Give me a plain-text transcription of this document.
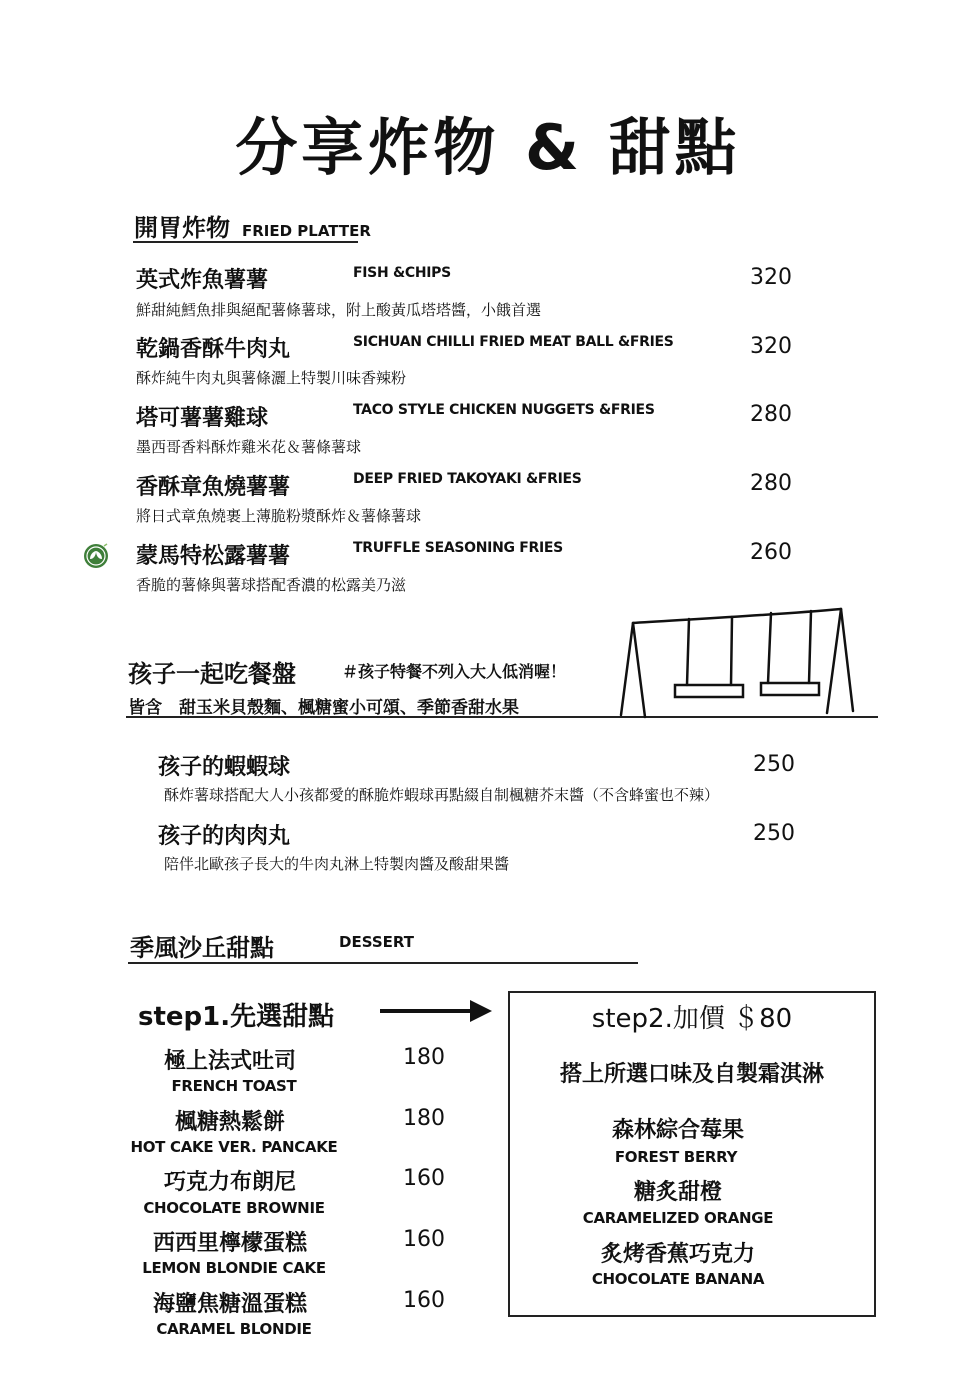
分享炸物 & 甜點
開胃炸物 FRIED PLATTER
英式炸魚薯薯	FISH &CHIPS	320
鮮甜純鱈魚排與絕配薯條薯球，附上酸黃瓜塔塔醬，小餓首選
乾鍋香酥牛肉丸	SICHUAN CHILLI FRIED MEAT BALL &FRIES	320
酥炸純牛肉丸與薯條灑上特製川味香辣粉
塔可薯薯雞球	TACO STYLE CHICKEN NUGGETS &FRIES	280
墨西哥香料酥炸雞米花＆薯條薯球
香酥章魚燒薯薯	DEEP FRIED TAKOYAKI &FRIES	280
將日式章魚燒裹上薄脆粉漿酥炸＆薯條薯球
蒙馬特松露薯薯	TRUFFLE SEASONING FRIES	260
香脆的薯條與薯球搭配香濃的松露美乃滋
孩子一起吃餐盤	＃孩子特餐不列入大人低消喔！
皆含　甜玉米貝殼麵、楓糖蜜小可頌、季節香甜水果
孩子的蝦蝦球	250
酥炸薯球搭配大人小孩都愛的酥脆炸蝦球再點綴自制楓糖芥末醬（不含蜂蜜也不辣）
孩子的肉肉丸	250
陪伴北歐孩子長大的牛肉丸淋上特製肉醬及酸甜果醬
季風沙丘甜點	DESSERT
step1.先選甜點
極上法式吐司	180
FRENCH TOAST
楓糖熱鬆餅	180
HOT CAKE VER. PANCAKE
巧克力布朗尼	160
CHOCOLATE BROWNIE
西西里檸檬蛋糕	160
LEMON BLONDIE CAKE
海鹽焦糖溫蛋糕	160
CARAMEL BLONDIE
step2.加價 ＄80
搭上所選口味及自製霜淇淋
森林綜合莓果
FOREST BERRY
糖炙甜橙
CARAMELIZED ORANGE
炙烤香蕉巧克力
CHOCOLATE BANANA
